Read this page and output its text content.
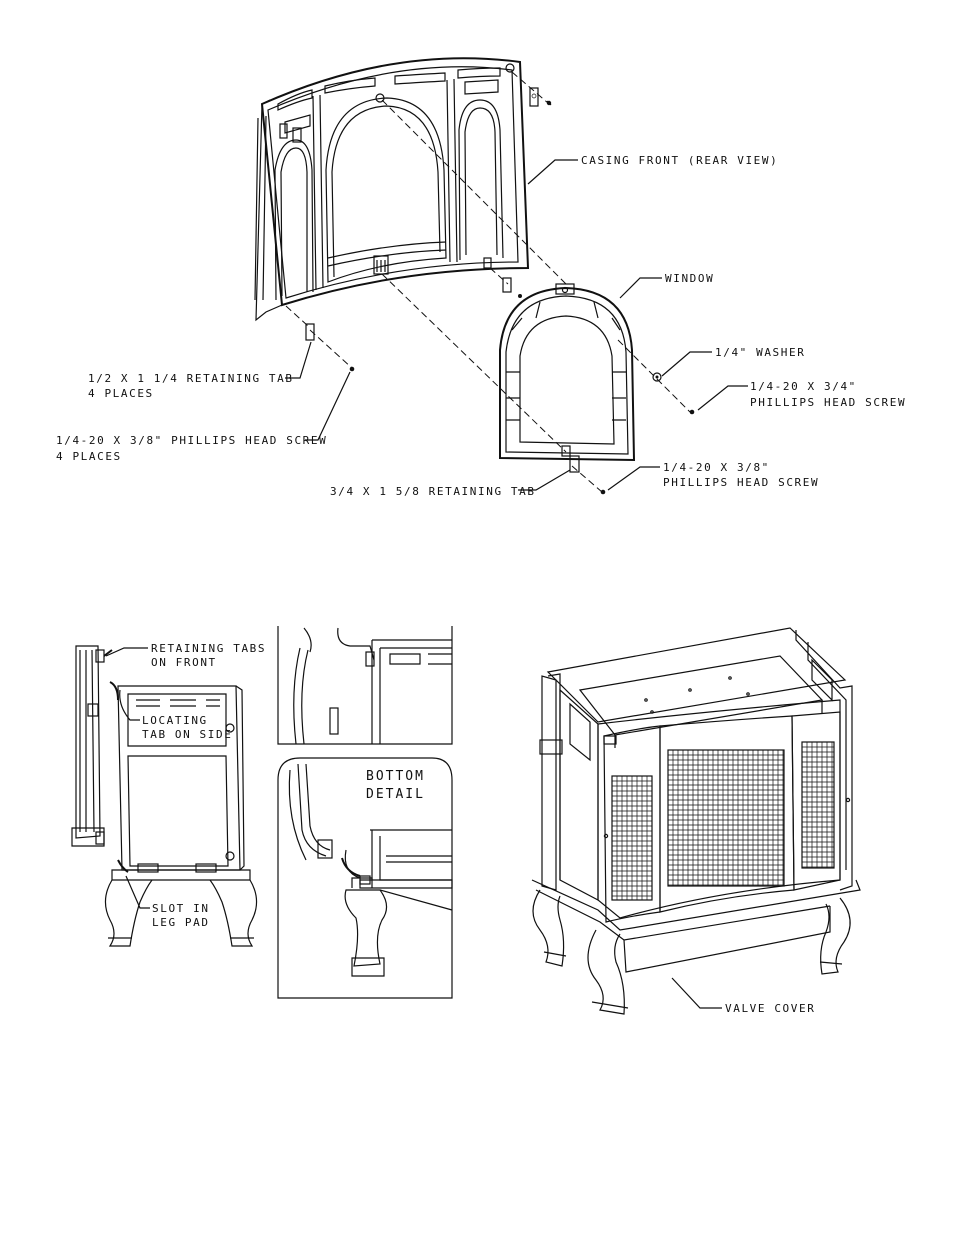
CASING FRONT (REAR VIEW)
WINDOW
1/4" WASHER
1/4-20 X 3/4"
PHILLIPS HEAD SCREW
1/2 X 1 1/4 RETAINING TAB
4 PLACES
1/4-20 X 3/8" PHILLIPS HEAD SCREW
4 PLACES
3/4 X 1 5/8 RETAINING TAB
1/4-20 X 3/8"
PHILLIPS HEAD SCREW
RETAINING TABS
ON FRONT
LOCATING
TAB ON SIDE
SLOT IN
LEG PAD
BOTTOM
DETAIL
VALVE COVER
